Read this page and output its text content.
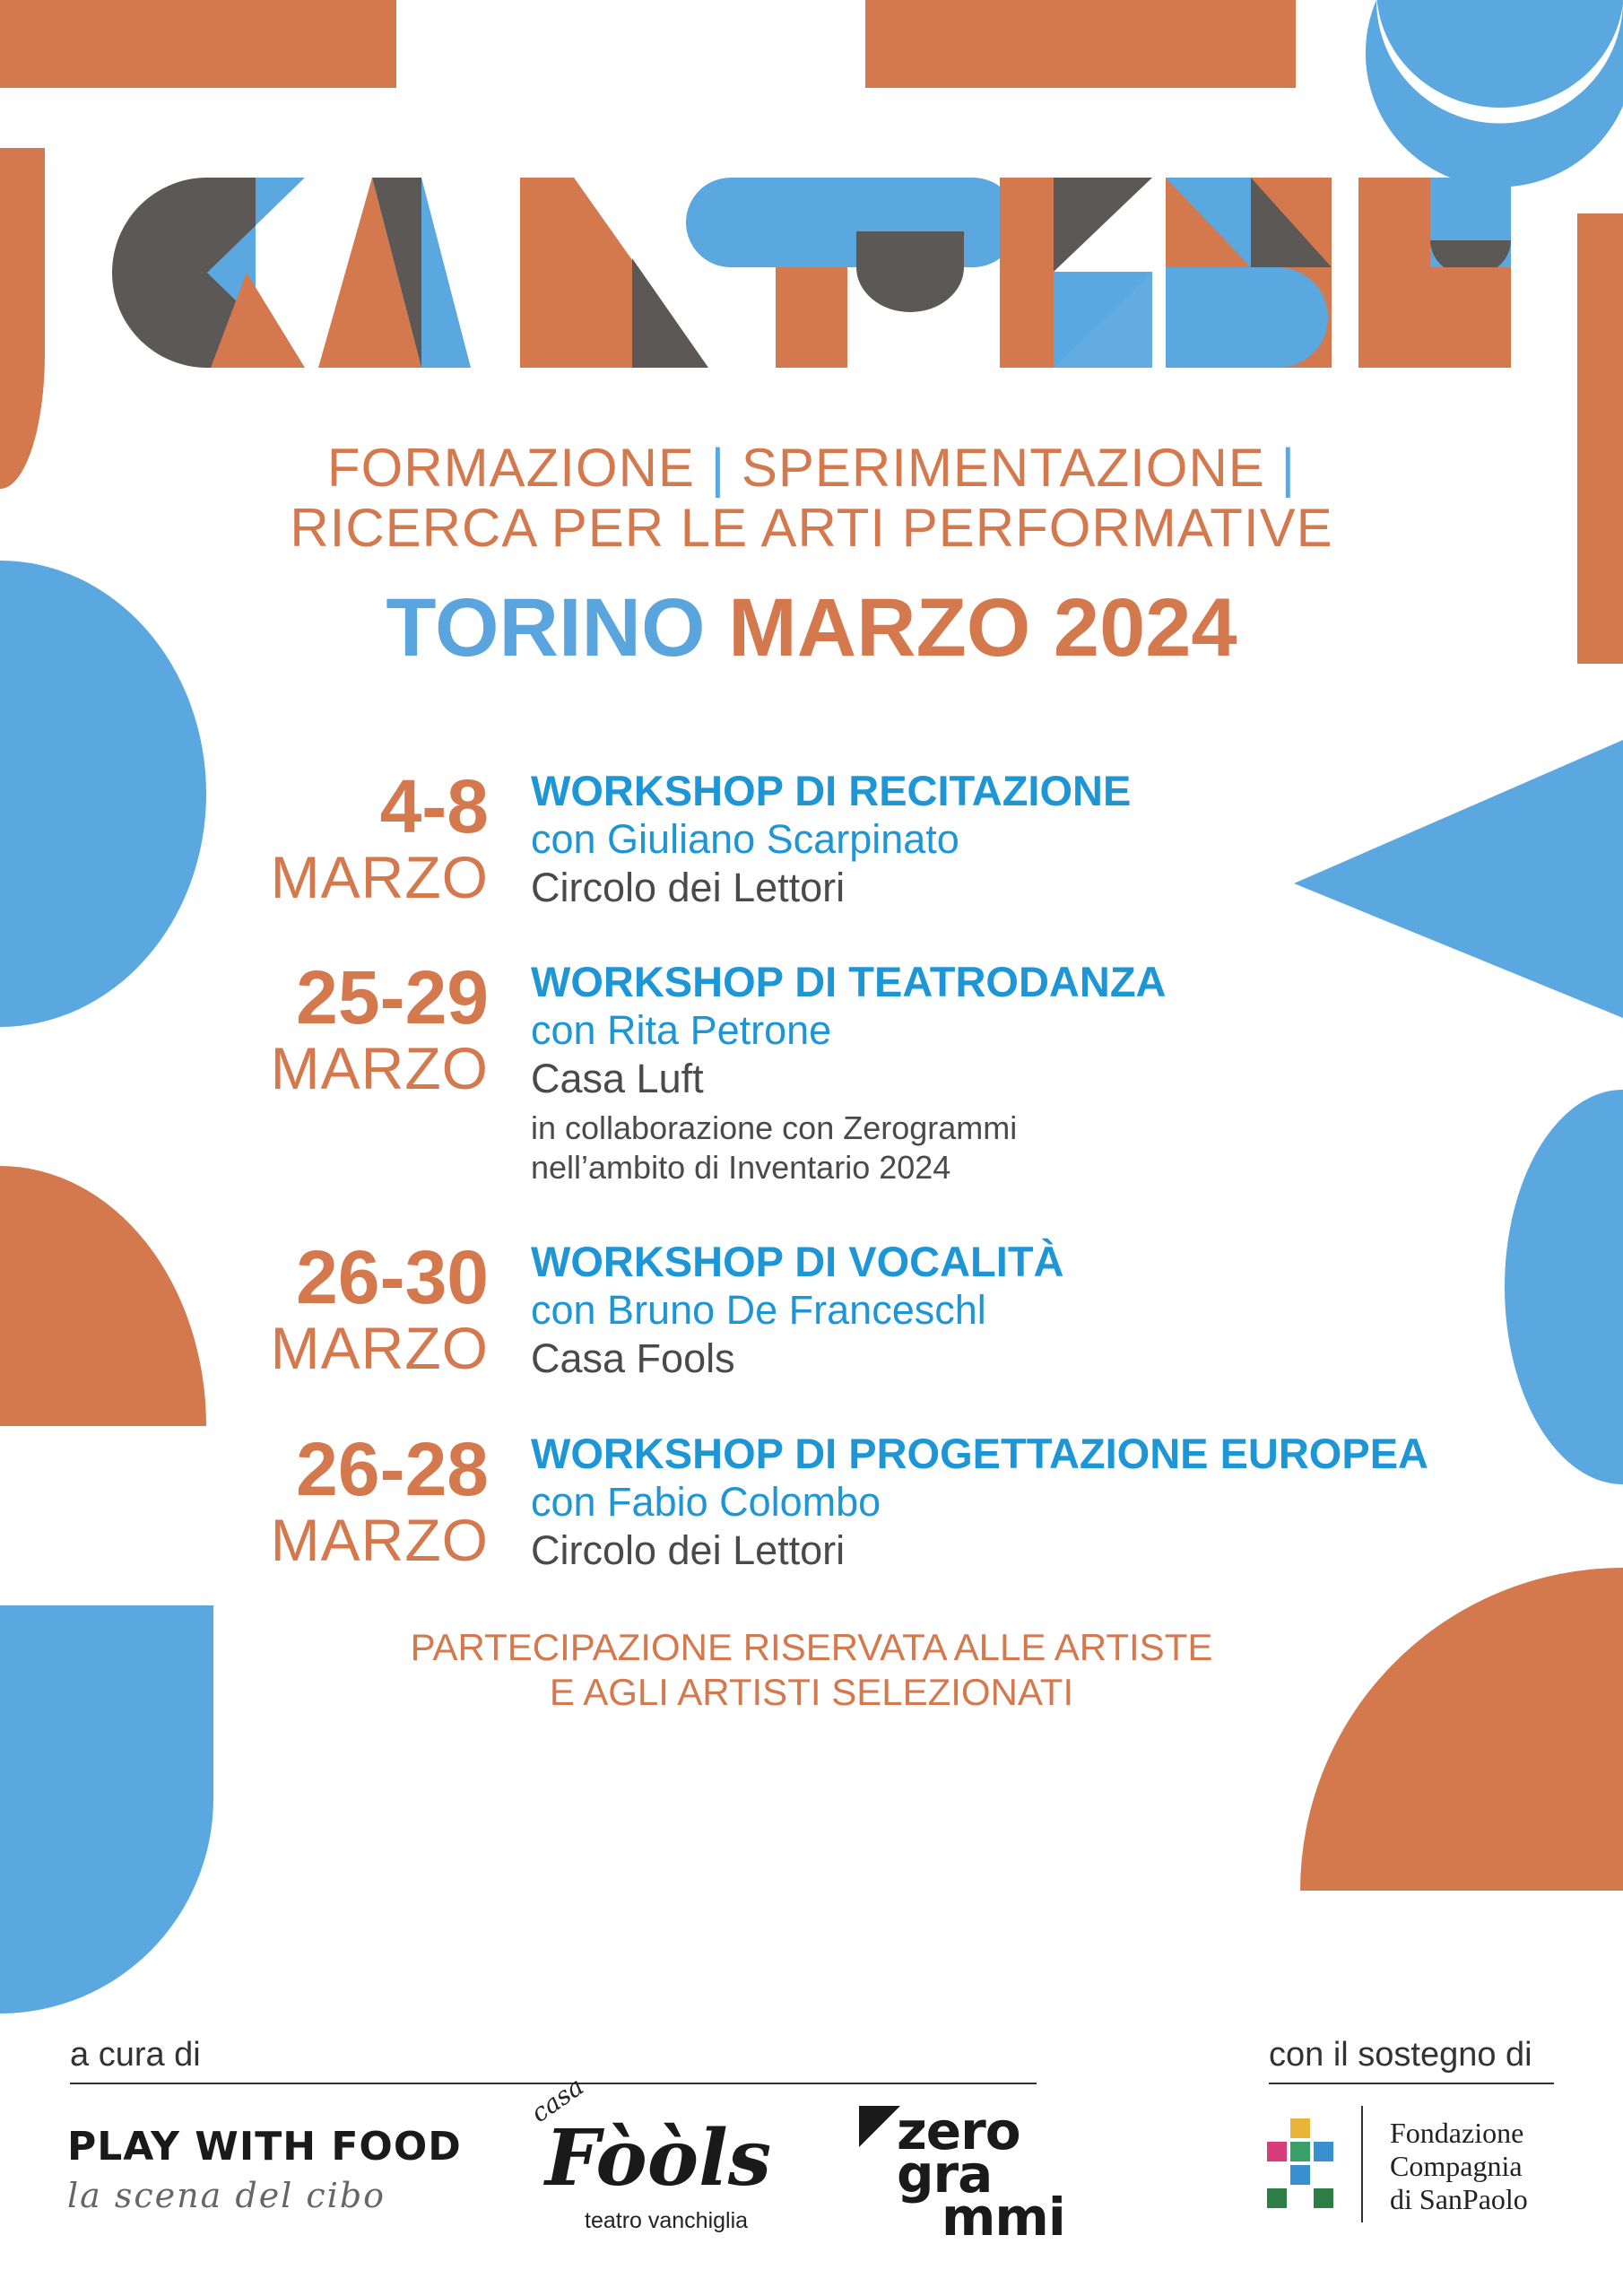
FORMAZIONE | SPERIMENTAZIONE |
RICERCA PER LE ARTI PERFORMATIVE
TORINO MARZO 2024
4-8
MARZO
WORKSHOP DI RECITAZIONE
con Giuliano Scarpinato
Circolo dei Lettori
25-29
MARZO
WORKSHOP DI TEATRODANZA
con Rita Petrone
Casa Luft
in collaborazione con Zerogrammi
nell’ambito di Inventario 2024
26-30
MARZO
WORKSHOP DI VOCALITÀ
con Bruno De Franceschl
Casa Fools
26-28
MARZO
WORKSHOP DI PROGETTAZIONE EUROPEA
con Fabio Colombo
Circolo dei Lettori
PARTECIPAZIONE RISERVATA ALLE ARTISTE
E AGLI ARTISTI SELEZIONATI
a cura di	con il sostegno di
PLAY WITH FOOD
la scena del cibo
casa
Fòòls
teatro vanchiglia
zero
gra
mmi
Fondazione
Compagnia
di SanPaolo
